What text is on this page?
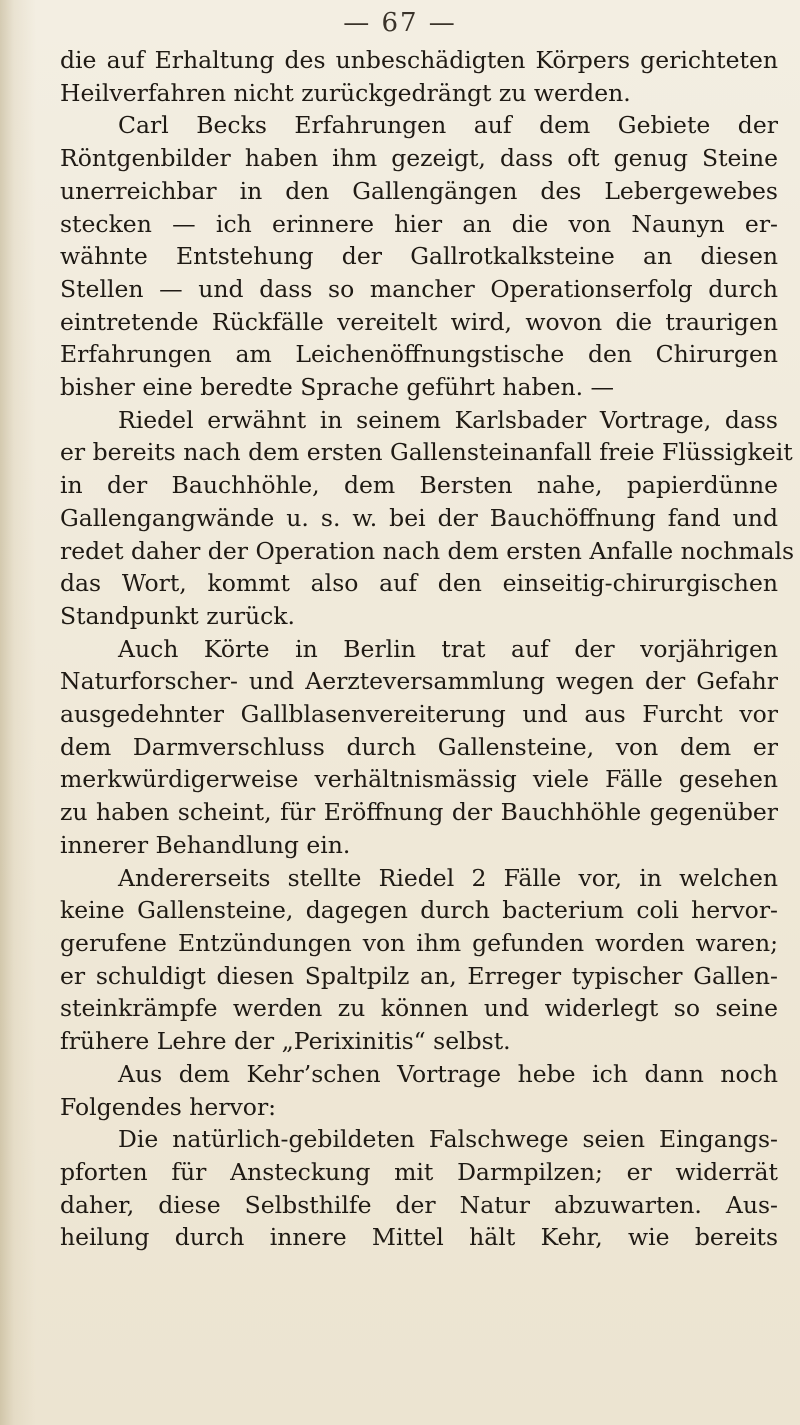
— 67 —

die auf Erhaltung des unbeschädigten Körpers gerichteten
Heilverfahren nicht zurückgedrängt zu werden.

Carl Becks Erfahrungen auf dem Gebiete der
Röntgenbilder haben ihm gezeigt, dass oft genug Steine
unerreichbar in den Gallengängen des Lebergewebes
stecken — ich erinnere hier an die von Naunyn er-
wähnte Entstehung der Gallrotkalksteine an diesen
Stellen — und dass so mancher Operationserfolg durch
eintretende Rückfälle vereitelt wird, wovon die traurigen
Erfahrungen am Leichenöffnungstische den Chirurgen
bisher eine beredte Sprache geführt haben. —

Riedel erwähnt in seinem Karlsbader Vortrage, dass
er bereits nach dem ersten Gallensteinanfall freie Flüssigkeit
in der Bauchhöhle, dem Bersten nahe, papierdünne
Gallengangwände u. s. w. bei der Bauchöffnung fand und
redet daher der Operation nach dem ersten Anfalle nochmals
das Wort, kommt also auf den einseitig-chirurgischen
Standpunkt zurück.

Auch Körte in Berlin trat auf der vorjährigen
Naturforscher- und Aerzteversammlung wegen der Gefahr
ausgedehnter Gallblasenvereiterung und aus Furcht vor
dem Darmverschluss durch Gallensteine, von dem er
merkwürdigerweise verhältnismässig viele Fälle gesehen
zu haben scheint, für Eröffnung der Bauchhöhle gegenüber
innerer Behandlung ein.

Andererseits stellte Riedel 2 Fälle vor, in welchen
keine Gallensteine, dagegen durch bacterium coli hervor-
gerufene Entzündungen von ihm gefunden worden waren;
er schuldigt diesen Spaltpilz an, Erreger typischer Gallen-
steinkrämpfe werden zu können und widerlegt so seine
frühere Lehre der „Perixinitis“ selbst.

Aus dem Kehr’schen Vortrage hebe ich dann noch
Folgendes hervor:

Die natürlich-gebildeten Falschwege seien Eingangs-
pforten für Ansteckung mit Darmpilzen; er widerrät
daher, diese Selbsthilfe der Natur abzuwarten. Aus-
heilung durch innere Mittel hält Kehr, wie bereits
